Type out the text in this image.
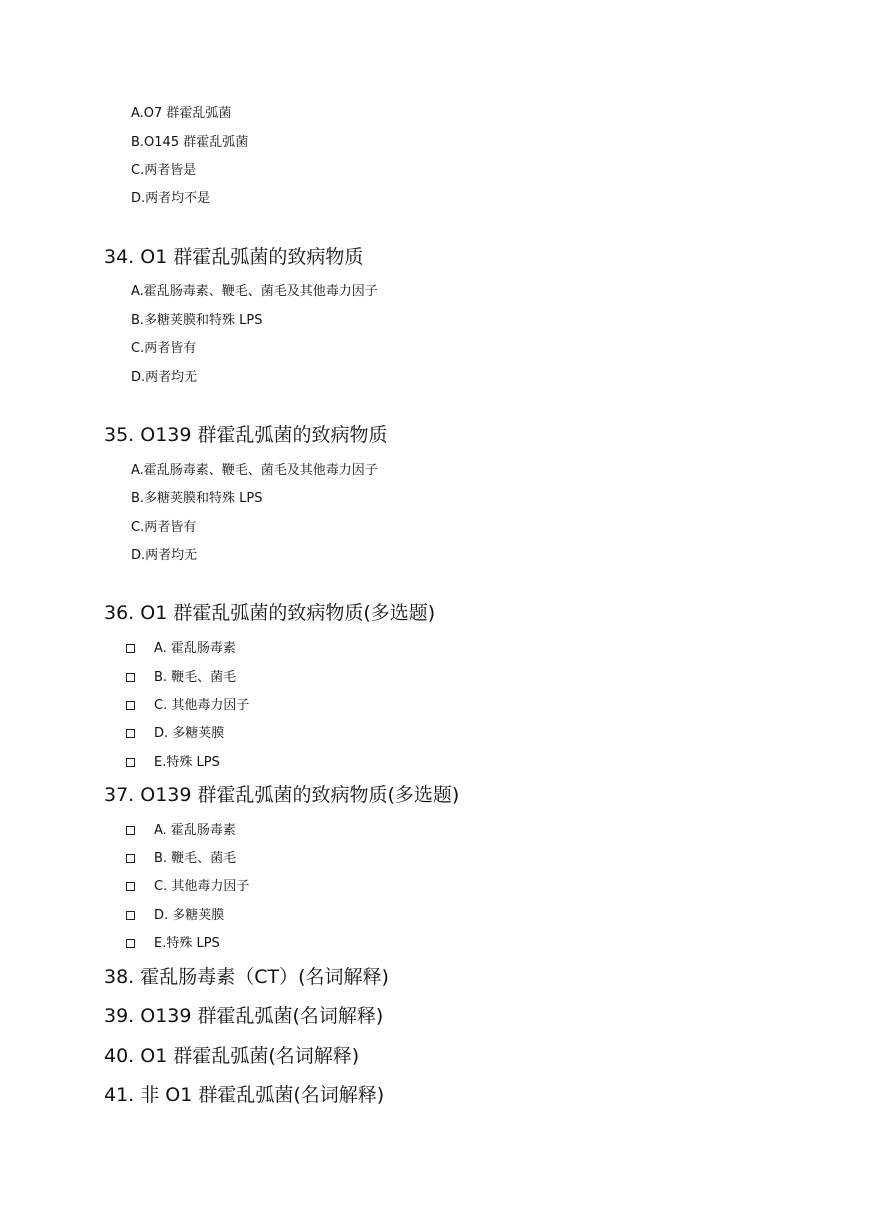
A.O7 群霍乱弧菌
B.O145 群霍乱弧菌
C.两者皆是
D.两者均不是
34. O1 群霍乱弧菌的致病物质
A.霍乱肠毒素、鞭毛、菌毛及其他毒力因子
B.多糖荚膜和特殊 LPS
C.两者皆有
D.两者均无
35. O139 群霍乱弧菌的致病物质
A.霍乱肠毒素、鞭毛、菌毛及其他毒力因子
B.多糖荚膜和特殊 LPS
C.两者皆有
D.两者均无
36. O1 群霍乱弧菌的致病物质(多选题)
A. 霍乱肠毒素
B. 鞭毛、菌毛
C. 其他毒力因子
D. 多糖荚膜
E.特殊 LPS
37. O139 群霍乱弧菌的致病物质(多选题)
A. 霍乱肠毒素
B. 鞭毛、菌毛
C. 其他毒力因子
D. 多糖荚膜
E.特殊 LPS
38. 霍乱肠毒素（CT）(名词解释)
39. O139 群霍乱弧菌(名词解释)
40. O1 群霍乱弧菌(名词解释)
41. 非 O1 群霍乱弧菌(名词解释)
